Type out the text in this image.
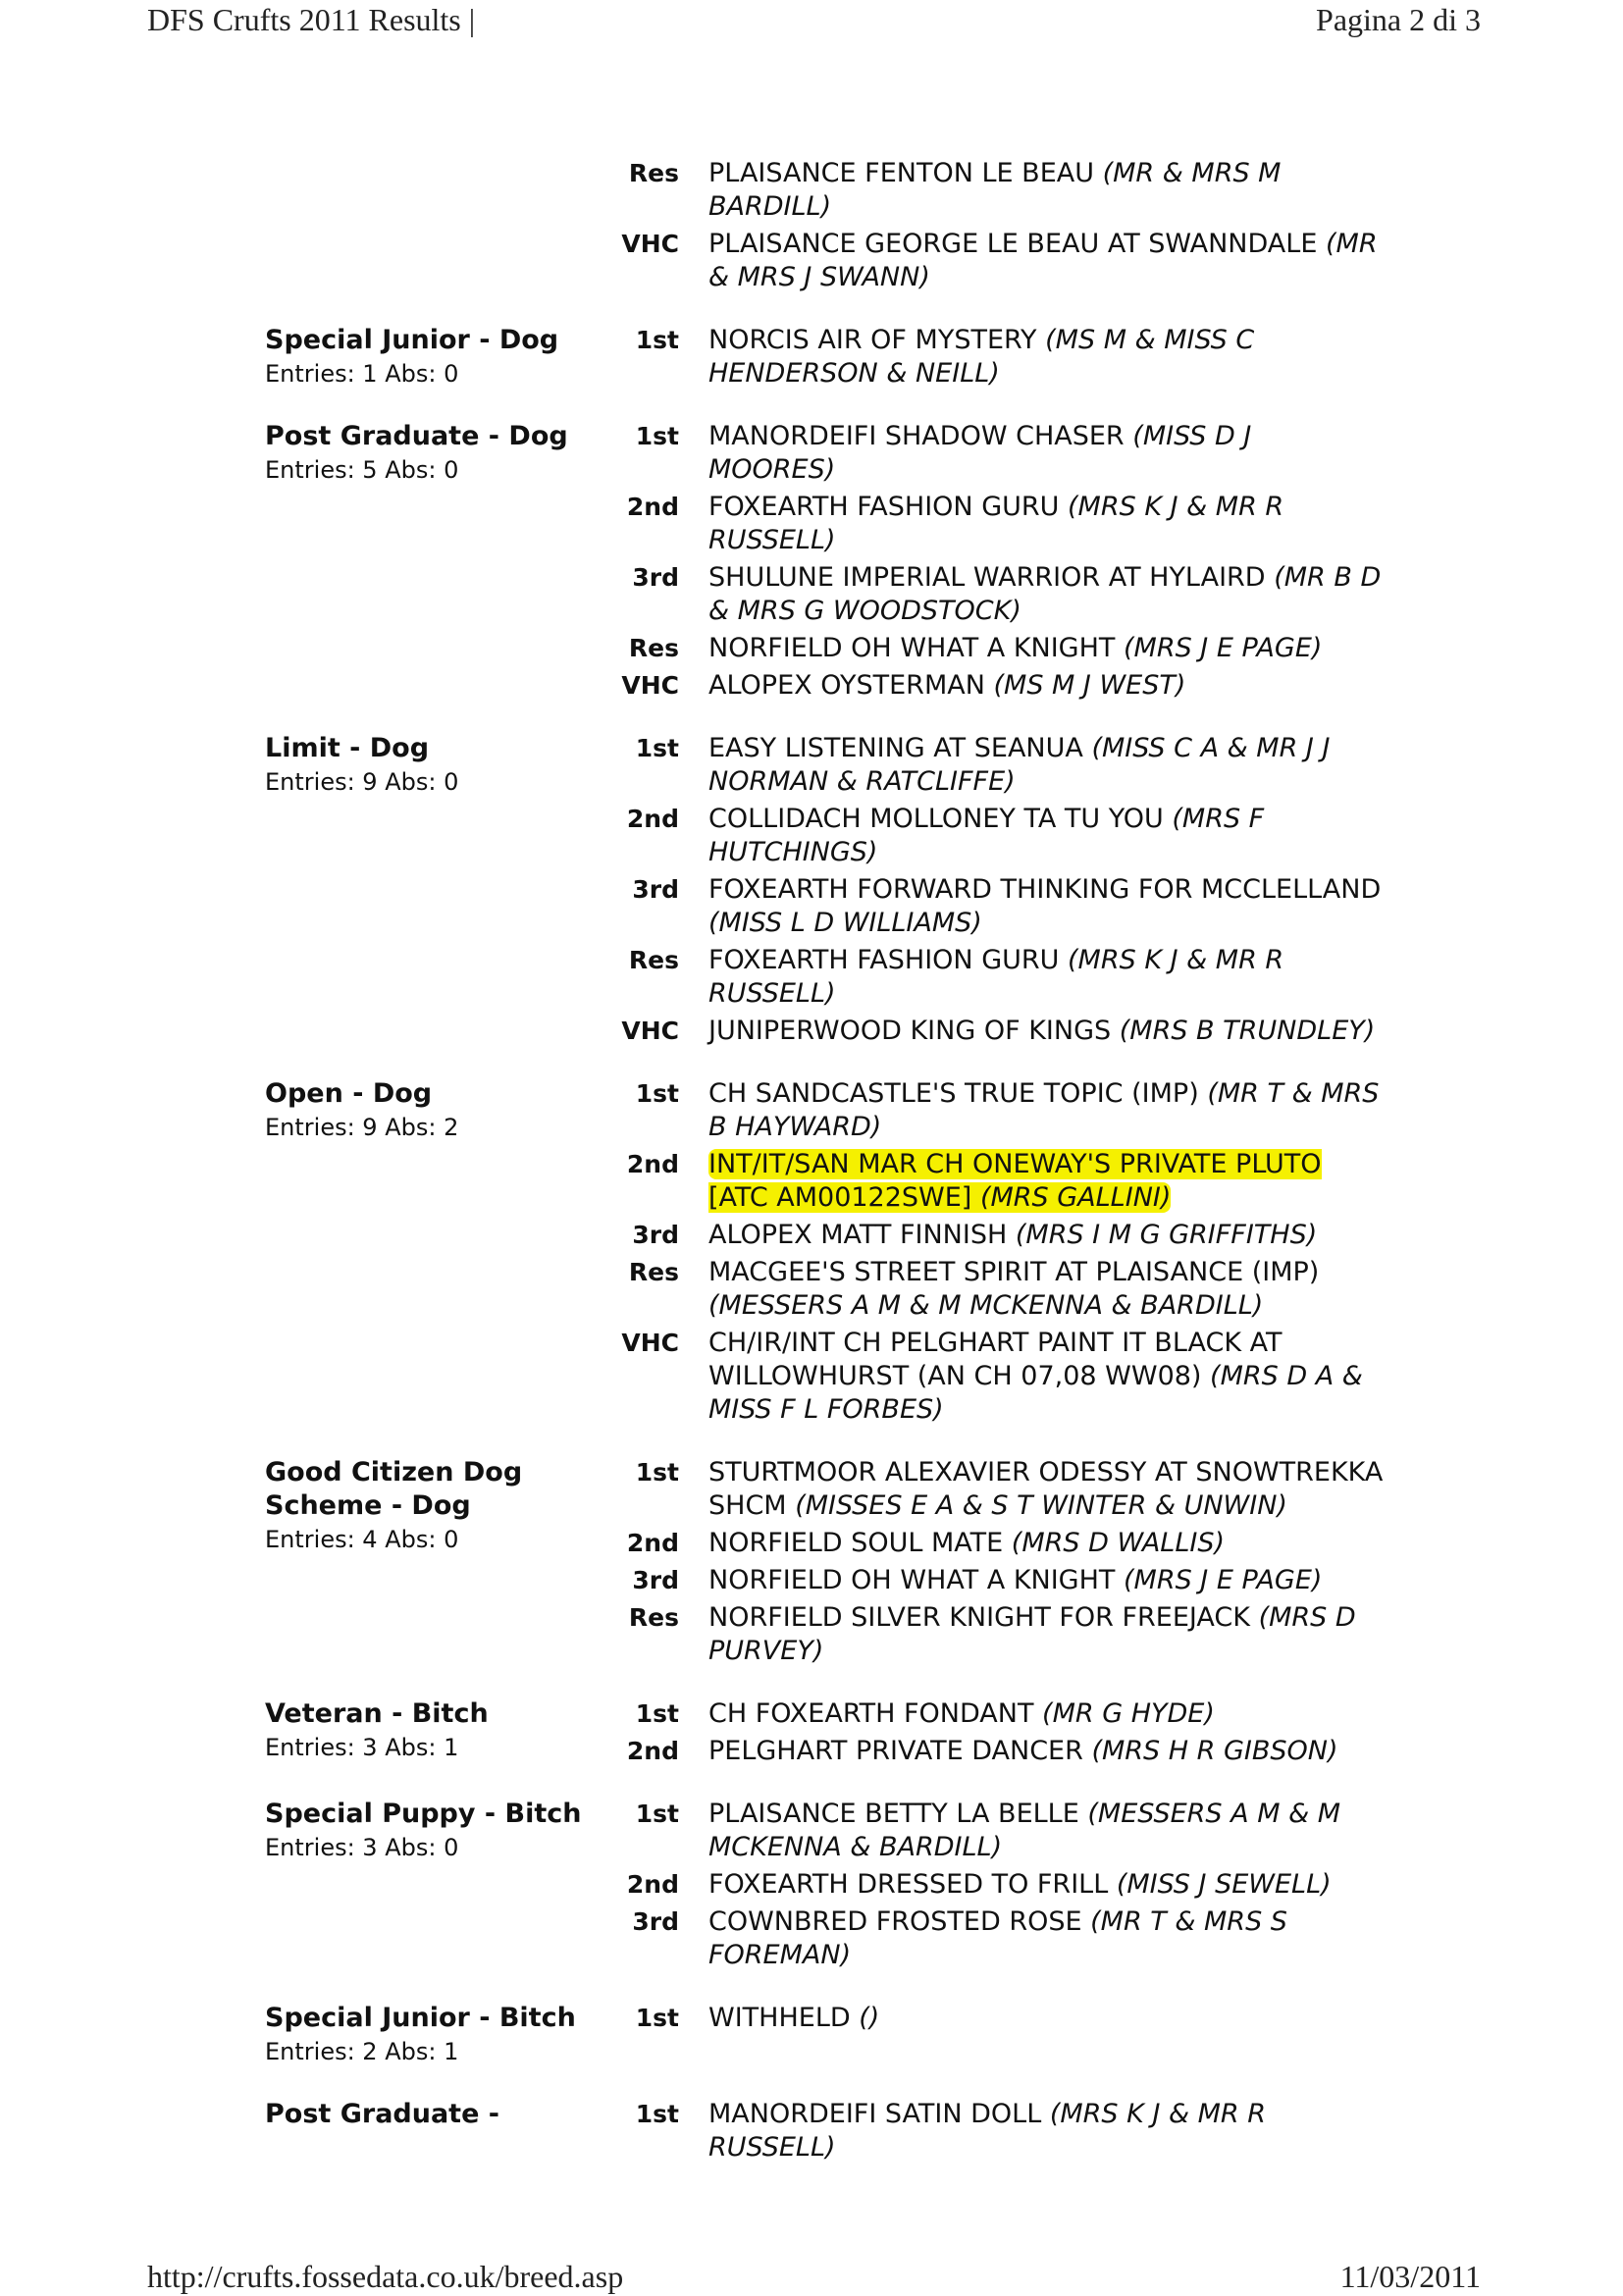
DFS Crufts 2011 Results |	Pagina 2 di 3
Res	PLAISANCE FENTON LE BEAU (MR & MRS M BARDILL)
VHC	PLAISANCE GEORGE LE BEAU AT SWANNDALE (MR & MRS J SWANN)
Special Junior - Dog
Entries: 1 Abs: 0
1st	NORCIS AIR OF MYSTERY (MS M & MISS C HENDERSON & NEILL)
Post Graduate - Dog
Entries: 5 Abs: 0
1st	MANORDEIFI SHADOW CHASER (MISS D J MOORES)
2nd	FOXEARTH FASHION GURU (MRS K J & MR R RUSSELL)
3rd	SHULUNE IMPERIAL WARRIOR AT HYLAIRD (MR B D & MRS G WOODSTOCK)
Res	NORFIELD OH WHAT A KNIGHT (MRS J E PAGE)
VHC	ALOPEX OYSTERMAN (MS M J WEST)
Limit - Dog
Entries: 9 Abs: 0
1st	EASY LISTENING AT SEANUA (MISS C A & MR J J NORMAN & RATCLIFFE)
2nd	COLLIDACH MOLLONEY TA TU YOU (MRS F HUTCHINGS)
3rd	FOXEARTH FORWARD THINKING FOR MCCLELLAND (MISS L D WILLIAMS)
Res	FOXEARTH FASHION GURU (MRS K J & MR R RUSSELL)
VHC	JUNIPERWOOD KING OF KINGS (MRS B TRUNDLEY)
Open - Dog
Entries: 9 Abs: 2
1st	CH SANDCASTLE'S TRUE TOPIC (IMP) (MR T & MRS B HAYWARD)
2nd	INT/IT/SAN MAR CH ONEWAY'S PRIVATE PLUTO [ATC AM00122SWE] (MRS GALLINI)
3rd	ALOPEX MATT FINNISH (MRS I M G GRIFFITHS)
Res	MACGEE'S STREET SPIRIT AT PLAISANCE (IMP) (MESSERS A M & M MCKENNA & BARDILL)
VHC	CH/IR/INT CH PELGHART PAINT IT BLACK AT WILLOWHURST (AN CH 07,08 WW08) (MRS D A & MISS F L FORBES)
Good Citizen Dog Scheme - Dog
Entries: 4 Abs: 0
1st	STURTMOOR ALEXAVIER ODESSY AT SNOWTREKKA SHCM (MISSES E A & S T WINTER & UNWIN)
2nd	NORFIELD SOUL MATE (MRS D WALLIS)
3rd	NORFIELD OH WHAT A KNIGHT (MRS J E PAGE)
Res	NORFIELD SILVER KNIGHT FOR FREEJACK (MRS D PURVEY)
Veteran - Bitch
Entries: 3 Abs: 1
1st	CH FOXEARTH FONDANT (MR G HYDE)
2nd	PELGHART PRIVATE DANCER (MRS H R GIBSON)
Special Puppy - Bitch
Entries: 3 Abs: 0
1st	PLAISANCE BETTY LA BELLE (MESSERS A M & M MCKENNA & BARDILL)
2nd	FOXEARTH DRESSED TO FRILL (MISS J SEWELL)
3rd	COWNBRED FROSTED ROSE (MR T & MRS S FOREMAN)
Special Junior - Bitch
Entries: 2 Abs: 1
1st	WITHHELD ()
Post Graduate -	1st	MANORDEIFI SATIN DOLL (MRS K J & MR R RUSSELL)
http://crufts.fossedata.co.uk/breed.asp	11/03/2011
